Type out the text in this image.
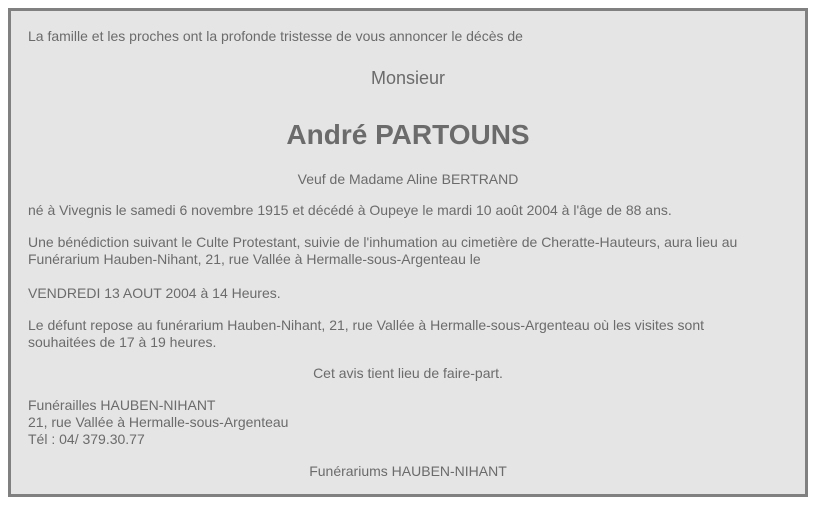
La famille et les proches ont la profonde tristesse de vous annoncer le décès de
Monsieur
André PARTOUNS
Veuf de Madame Aline BERTRAND
né à Vivegnis le samedi 6 novembre 1915 et décédé à Oupeye le mardi 10 août 2004 à l'âge de 88 ans.
Une bénédiction suivant le Culte Protestant, suivie de l'inhumation au cimetière de Cheratte-Hauteurs, aura lieu au
Funérarium Hauben-Nihant, 21, rue Vallée à Hermalle-sous-Argenteau le
VENDREDI 13 AOUT 2004 à 14 Heures.
Le défunt repose au funérarium Hauben-Nihant, 21, rue Vallée à Hermalle-sous-Argenteau où les visites sont
souhaitées de 17 à 19 heures.
Cet avis tient lieu de faire-part.
Funérailles HAUBEN-NIHANT
21, rue Vallée à Hermalle-sous-Argenteau
Tél : 04/ 379.30.77
Funérariums HAUBEN-NIHANT
